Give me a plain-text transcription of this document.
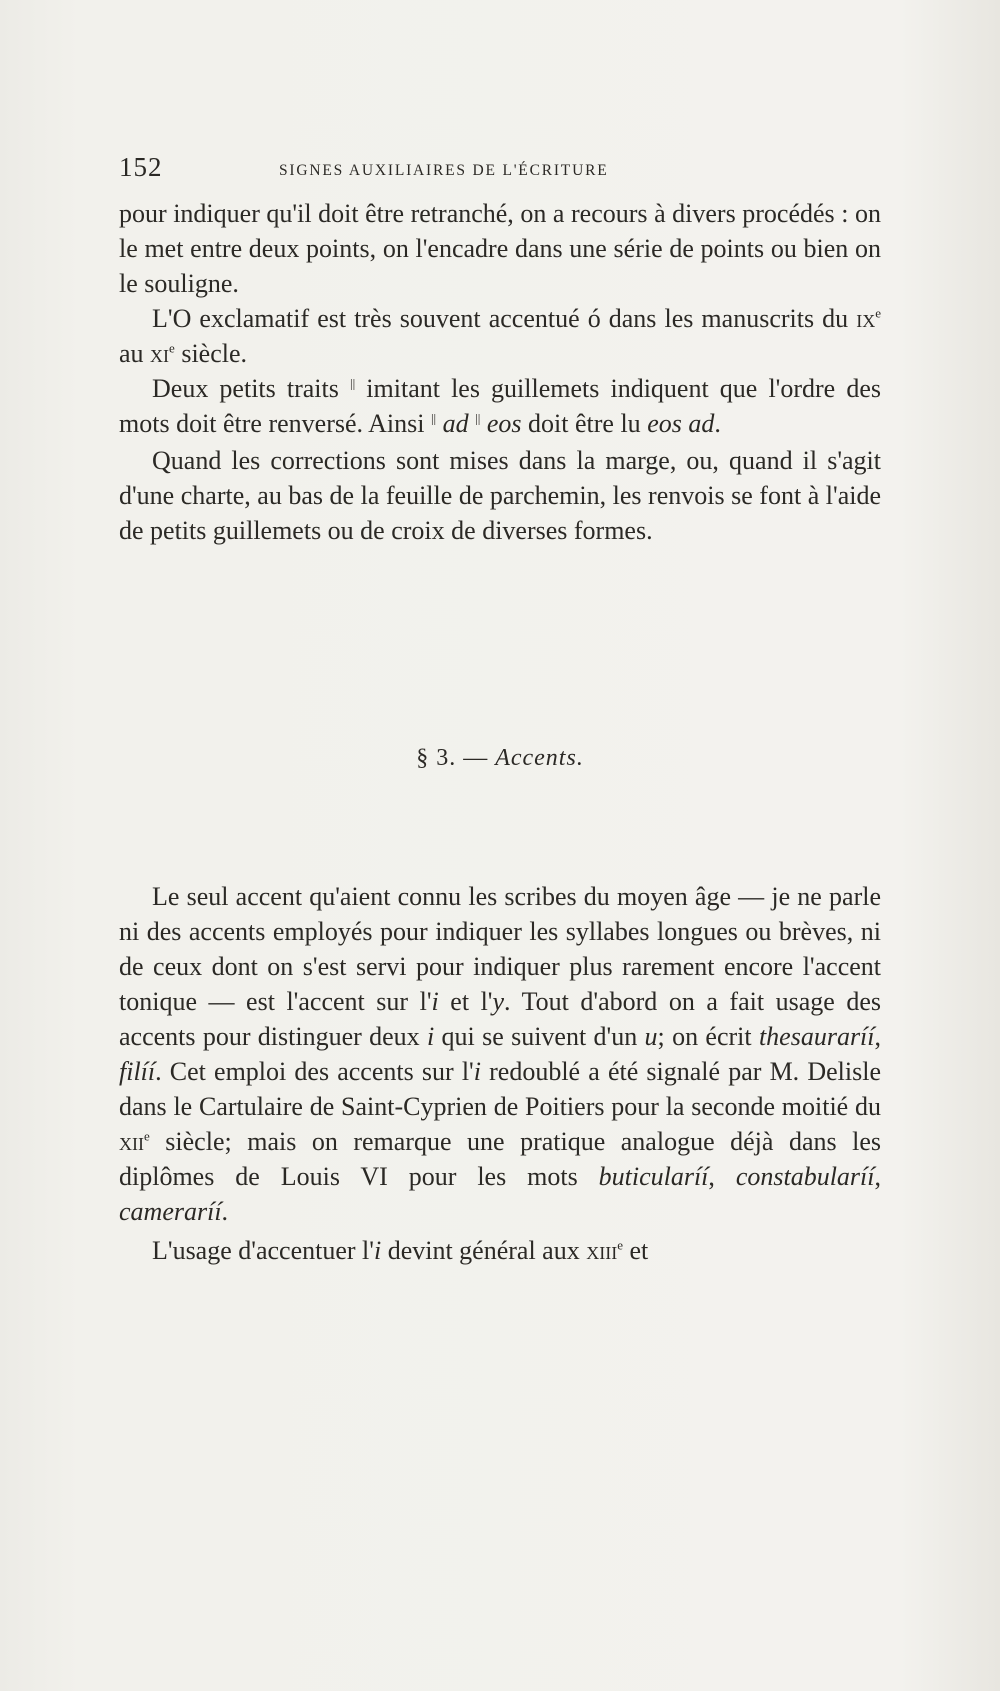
152	SIGNES AUXILIAIRES DE L'ÉCRITURE

pour indiquer qu'il doit être retranché, on a recours à divers procédés : on le met entre deux points, on l'encadre dans une série de points ou bien on le souligne.

L'O exclamatif est très souvent accentué ó dans les manuscrits du $ix^e$ au $xi^e$ siècle.

Deux petits traits || imitant les guillemets indiquent que l'ordre des mots doit être renversé. Ainsi || ad || eos doit être lu eos ad.

Quand les corrections sont mises dans la marge, ou, quand il s'agit d'une charte, au bas de la feuille de parchemin, les renvois se font à l'aide de petits guillemets ou de croix de diverses formes.

§ 3. — Accents.

Le seul accent qu'aient connu les scribes du moyen âge — je ne parle ni des accents employés pour indiquer les syllabes longues ou brèves, ni de ceux dont on s'est servi pour indiquer plus rarement encore l'accent tonique — est l'accent sur l'i et l'y. Tout d'abord on a fait usage des accents pour distinguer deux i qui se suivent d'un u; on écrit thesauraríí, filíí. Cet emploi des accents sur l'i redoublé a été signalé par M. Delisle dans le Cartulaire de Saint-Cyprien de Poitiers pour la seconde moitié du xii$^e$ siècle; mais on remarque une pratique analogue déjà dans les diplômes de Louis VI pour les mots buticularíí, constabularíí, cameraríí.

L'usage d'accentuer l'i devint général aux xiii$^e$ et
